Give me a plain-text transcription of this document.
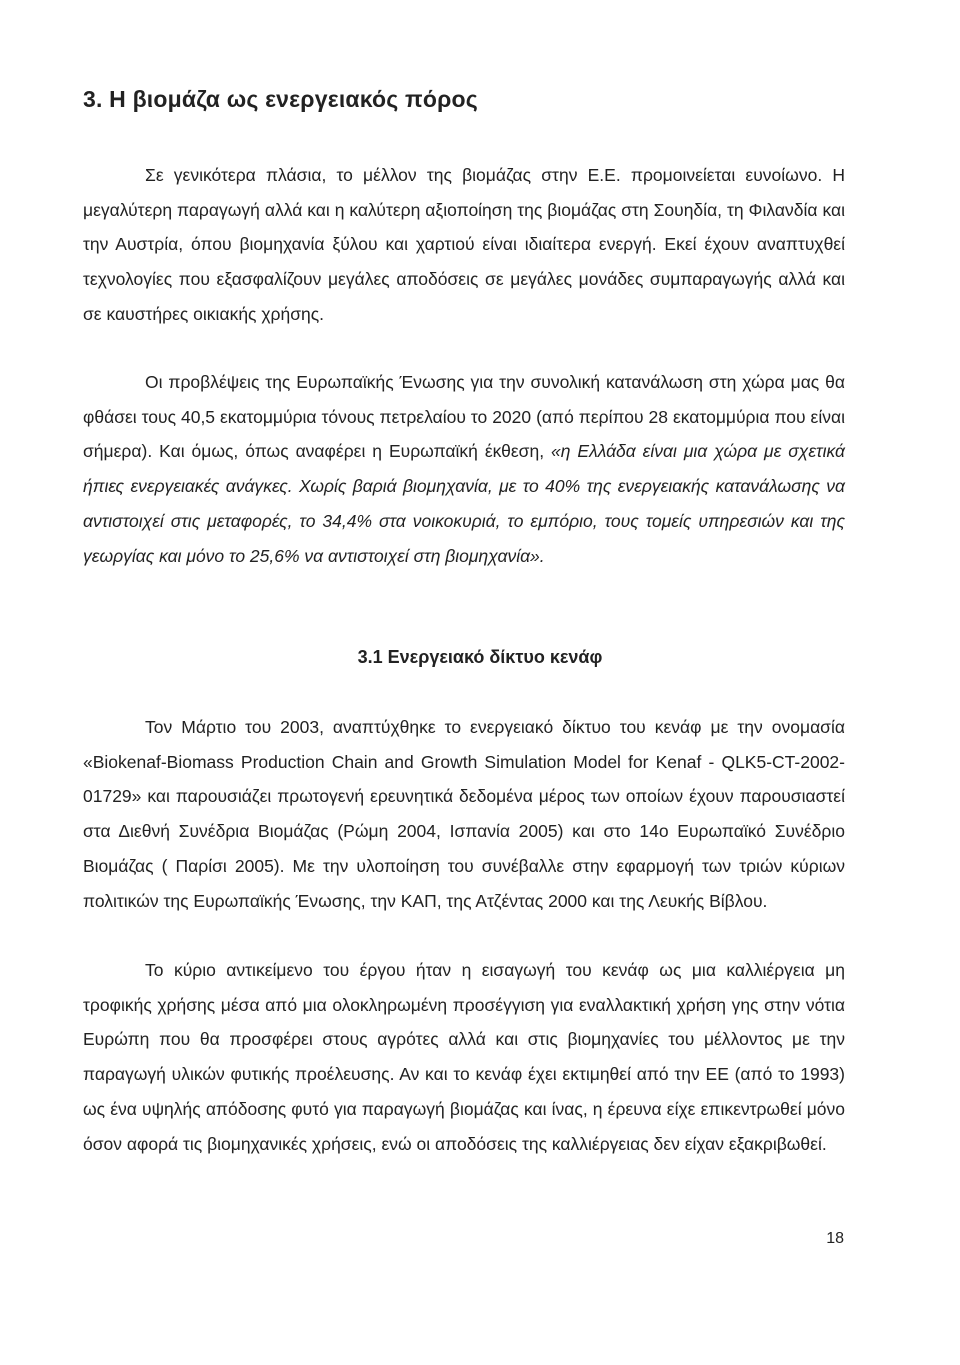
3. Η βιομάζα ως ενεργειακός πόρος

Σε γενικότερα πλάσια, το μέλλον της βιομάζας στην Ε.Ε. προμοινείεται ευνοίωνο. Η μεγαλύτερη παραγωγή αλλά και η καλύτερη αξιοποίηση της βιομάζας στη Σουηδία, τη Φιλανδία και την Αυστρία, όπου βιομηχανία ξύλου και χαρτιού είναι ιδιαίτερα ενεργή. Εκεί έχουν αναπτυχθεί τεχνολογίες που εξασφαλίζουν μεγάλες αποδόσεις σε μεγάλες μονάδες συμπαραγωγής αλλά και σε καυστήρες οικιακής χρήσης.

Οι προβλέψεις της Ευρωπαϊκής Ένωσης για την συνολική κατανάλωση στη χώρα μας θα φθάσει τους 40,5 εκατομμύρια τόνους πετρελαίου το 2020 (από περίπου 28 εκατομμύρια που είναι σήμερα). Και όμως, όπως αναφέρει η Ευρωπαϊκή έκθεση, «η Ελλάδα είναι μια χώρα με σχετικά ήπιες ενεργειακές ανάγκες. Χωρίς βαριά βιομηχανία, με το 40% της ενεργειακής κατανάλωσης να αντιστοιχεί στις μεταφορές, το 34,4% στα νοικοκυριά, το εμπόριο, τους τομείς υπηρεσιών και της γεωργίας και μόνο το 25,6% να αντιστοιχεί στη βιομηχανία».

3.1 Ενεργειακό δίκτυο κενάφ

Τον Μάρτιο του 2003, αναπτύχθηκε το ενεργειακό δίκτυο του κενάφ με την ονομασία «Biokenaf-Biomass Production Chain and Growth Simulation Model for Kenaf - QLK5-CT-2002-01729» και παρουσιάζει πρωτογενή ερευνητικά δεδομένα μέρος των οποίων έχουν παρουσιαστεί στα Διεθνή Συνέδρια Βιομάζας (Ρώμη 2004, Ισπανία 2005) και στο 14ο Ευρωπαϊκό Συνέδριο Βιομάζας ( Παρίσι 2005). Με την υλοποίηση του συνέβαλλε στην εφαρμογή των τριών κύριων πολιτικών της Ευρωπαϊκής Ένωσης, την ΚΑΠ, της Ατζέντας 2000 και της Λευκής Βίβλου.

Το κύριο αντικείμενο του έργου ήταν η εισαγωγή του κενάφ ως μια καλλιέργεια μη τροφικής χρήσης μέσα από μια ολοκληρωμένη προσέγγιση για εναλλακτική χρήση γης στην νότια Ευρώπη που θα προσφέρει στους αγρότες αλλά και στις βιομηχανίες του μέλλοντος με την παραγωγή υλικών φυτικής προέλευσης. Αν και το κενάφ έχει εκτιμηθεί από την ΕΕ (από το 1993) ως ένα υψηλής απόδοσης φυτό για παραγωγή βιομάζας και ίνας, η έρευνα είχε επικεντρωθεί μόνο όσον αφορά τις βιομηχανικές χρήσεις, ενώ οι αποδόσεις της καλλιέργειας δεν είχαν εξακριβωθεί.

18
